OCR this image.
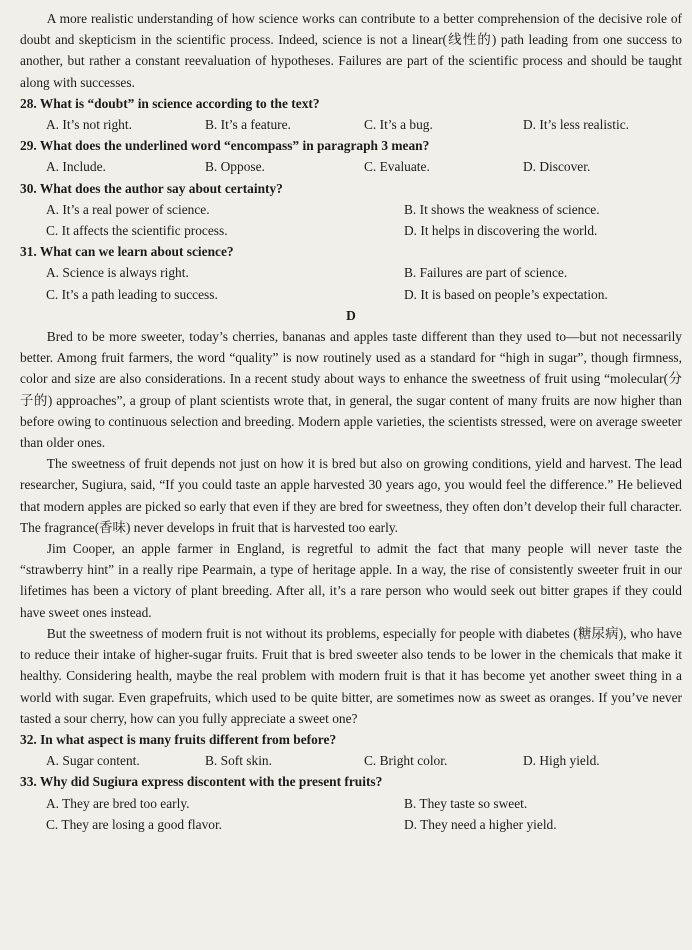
A more realistic understanding of how science works can contribute to a better comprehension of the decisive role of doubt and skepticism in the scientific process. Indeed, science is not a linear(线性的) path leading from one success to another, but rather a constant reevaluation of hypotheses. Failures are part of the scientific process and should be taught along with successes.

28. What is “doubt” in science according to the text?

A. It’s not right.	B. It’s a feature.	C. It’s a bug.	D. It’s less realistic.

29. What does the underlined word “encompass” in paragraph 3 mean?

A. Include.	B. Oppose.	C. Evaluate.	D. Discover.

30. What does the author say about certainty?

A. It’s a real power of science.	B. It shows the weakness of science.
C. It affects the scientific process.	D. It helps in discovering the world.

31. What can we learn about science?

A. Science is always right.	B. Failures are part of science.
C. It’s a path leading to success.	D. It is based on people’s expectation.

D

Bred to be more sweeter, today’s cherries, bananas and apples taste different than they used to—but not necessarily better. Among fruit farmers, the word “quality” is now routinely used as a standard for “high in sugar”, though firmness, color and size are also considerations. In a recent study about ways to enhance the sweetness of fruit using “molecular(分子的) approaches”, a group of plant scientists wrote that, in general, the sugar content of many fruits are now higher than before owing to continuous selection and breeding. Modern apple varieties, the scientists stressed, were on average sweeter than older ones.

The sweetness of fruit depends not just on how it is bred but also on growing conditions, yield and harvest. The lead researcher, Sugiura, said, “If you could taste an apple harvested 30 years ago, you would feel the difference.” He believed that modern apples are picked so early that even if they are bred for sweetness, they often don’t develop their full character. The fragrance(香味) never develops in fruit that is harvested too early.

Jim Cooper, an apple farmer in England, is regretful to admit the fact that many people will never taste the “strawberry hint” in a really ripe Pearmain, a type of heritage apple. In a way, the rise of consistently sweeter fruit in our lifetimes has been a victory of plant breeding. After all, it’s a rare person who would seek out bitter grapes if they could have sweet ones instead.

But the sweetness of modern fruit is not without its problems, especially for people with diabetes (糖尿病), who have to reduce their intake of higher-sugar fruits. Fruit that is bred sweeter also tends to be lower in the chemicals that make it healthy. Considering health, maybe the real problem with modern fruit is that it has become yet another sweet thing in a world with sugar. Even grapefruits, which used to be quite bitter, are sometimes now as sweet as oranges. If you’ve never tasted a sour cherry, how can you fully appreciate a sweet one?

32. In what aspect is many fruits different from before?

A. Sugar content.	B. Soft skin.	C. Bright color.	D. High yield.

33. Why did Sugiura express discontent with the present fruits?

A. They are bred too early.	B. They taste so sweet.
C. They are losing a good flavor.	D. They need a higher yield.
